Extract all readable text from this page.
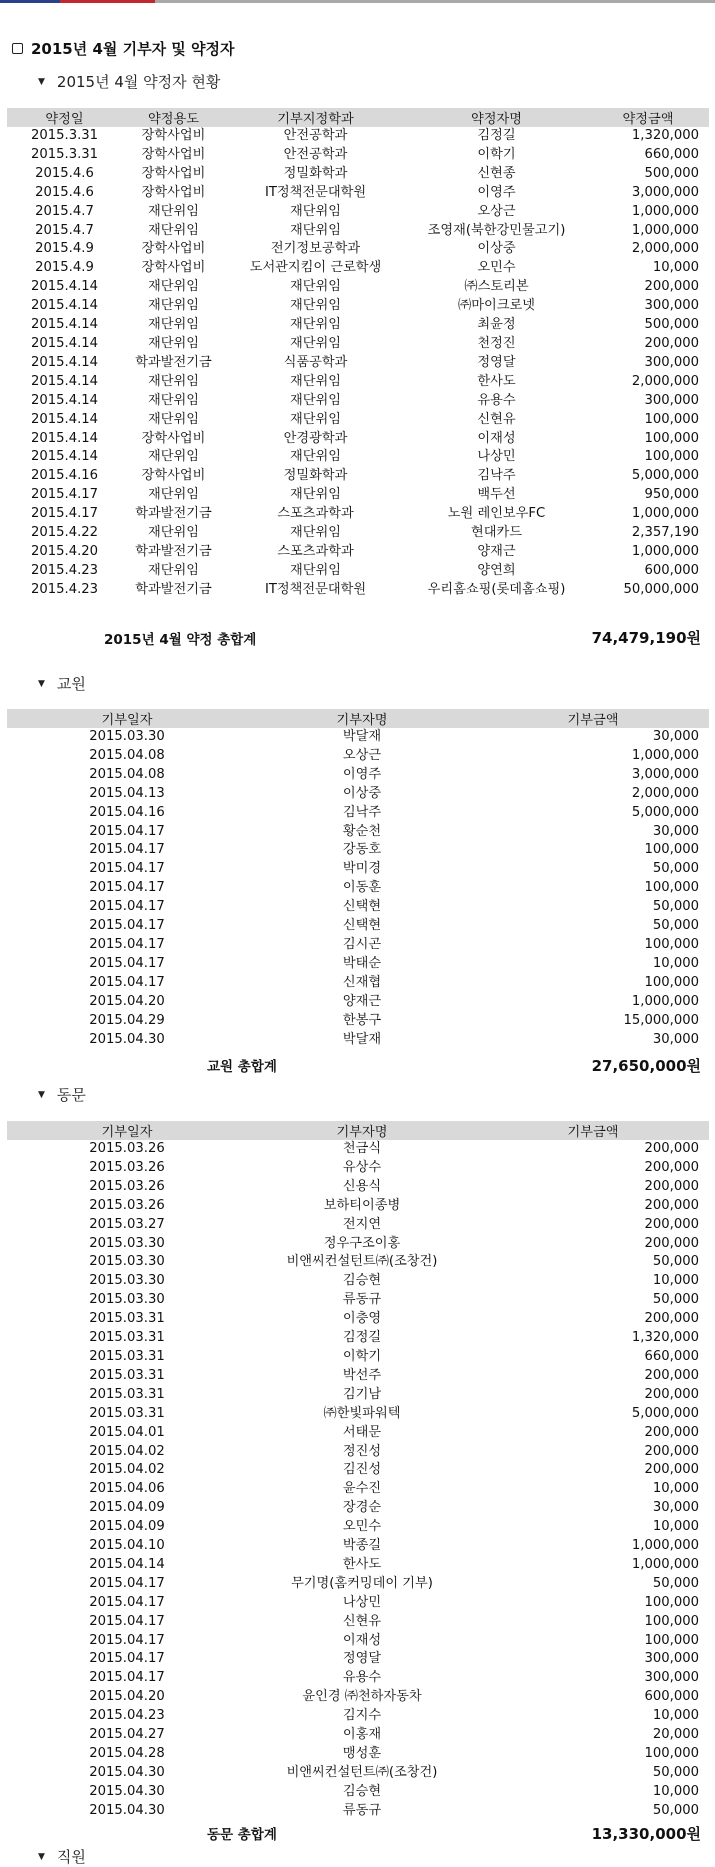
2015년 4월 기부자 및 약정자
▼ 2015년 4월 약정자 현황
약정일	약정용도	기부지정학과	약정자명	약정금액
2015.3.31	장학사업비	안전공학과	김정길	1,320,000
2015.3.31	장학사업비	안전공학과	이학기	660,000
2015.4.6	장학사업비	정밀화학과	신현종	500,000
2015.4.6	장학사업비	IT정책전문대학원	이영주	3,000,000
2015.4.7	재단위임	재단위임	오상근	1,000,000
2015.4.7	재단위임	재단위임	조영재(북한강민물고기)	1,000,000
2015.4.9	장학사업비	전기정보공학과	이상중	2,000,000
2015.4.9	장학사업비	도서관지킴이 근로학생	오민수	10,000
2015.4.14	재단위임	재단위임	㈜스토리본	200,000
2015.4.14	재단위임	재단위임	㈜마이크로넷	300,000
2015.4.14	재단위임	재단위임	최윤정	500,000
2015.4.14	재단위임	재단위임	천정진	200,000
2015.4.14	학과발전기금	식품공학과	정영달	300,000
2015.4.14	재단위임	재단위임	한사도	2,000,000
2015.4.14	재단위임	재단위임	유용수	300,000
2015.4.14	재단위임	재단위임	신현유	100,000
2015.4.14	장학사업비	안경광학과	이재성	100,000
2015.4.14	재단위임	재단위임	나상민	100,000
2015.4.16	장학사업비	정밀화학과	김낙주	5,000,000
2015.4.17	재단위임	재단위임	백두선	950,000
2015.4.17	학과발전기금	스포츠과학과	노원 레인보우FC	1,000,000
2015.4.22	재단위임	재단위임	현대카드	2,357,190
2015.4.20	학과발전기금	스포츠과학과	양재근	1,000,000
2015.4.23	재단위임	재단위임	양연희	600,000
2015.4.23	학과발전기금	IT정책전문대학원	우리홈쇼핑(롯데홈쇼핑)	50,000,000
2015년 4월 약정 총합계	74,479,190원
▼ 교원
기부일자	기부자명	기부금액
2015.03.30	박달재	30,000
2015.04.08	오상근	1,000,000
2015.04.08	이영주	3,000,000
2015.04.13	이상중	2,000,000
2015.04.16	김낙주	5,000,000
2015.04.17	황순천	30,000
2015.04.17	강동호	100,000
2015.04.17	박미경	50,000
2015.04.17	이동훈	100,000
2015.04.17	신택현	50,000
2015.04.17	신택현	50,000
2015.04.17	김시곤	100,000
2015.04.17	박태순	10,000
2015.04.17	신재협	100,000
2015.04.20	양재근	1,000,000
2015.04.29	한봉구	15,000,000
2015.04.30	박달재	30,000
교원 총합계	27,650,000원
▼ 동문
기부일자	기부자명	기부금액
2015.03.26	천금식	200,000
2015.03.26	유상수	200,000
2015.03.26	신용식	200,000
2015.03.26	보하티이종병	200,000
2015.03.27	전지연	200,000
2015.03.30	정우구조이홍	200,000
2015.03.30	비앤씨컨설턴트㈜(조창건)	50,000
2015.03.30	김승현	10,000
2015.03.30	류동규	50,000
2015.03.31	이충영	200,000
2015.03.31	김정길	1,320,000
2015.03.31	이학기	660,000
2015.03.31	박선주	200,000
2015.03.31	김기남	200,000
2015.03.31	㈜한빛파워텍	5,000,000
2015.04.01	서태문	200,000
2015.04.02	정진성	200,000
2015.04.02	김진성	200,000
2015.04.06	윤수진	10,000
2015.04.09	장경순	30,000
2015.04.09	오민수	10,000
2015.04.10	박종길	1,000,000
2015.04.14	한사도	1,000,000
2015.04.17	무기명(홈커밍데이 기부)	50,000
2015.04.17	나상민	100,000
2015.04.17	신현유	100,000
2015.04.17	이재성	100,000
2015.04.17	정영달	300,000
2015.04.17	유용수	300,000
2015.04.20	윤인경 ㈜천하자동차	600,000
2015.04.23	김지수	10,000
2015.04.27	이홍재	20,000
2015.04.28	맹성훈	100,000
2015.04.30	비앤씨컨설턴트㈜(조창건)	50,000
2015.04.30	김승현	10,000
2015.04.30	류동규	50,000
동문 총합계	13,330,000원
▼ 직원
